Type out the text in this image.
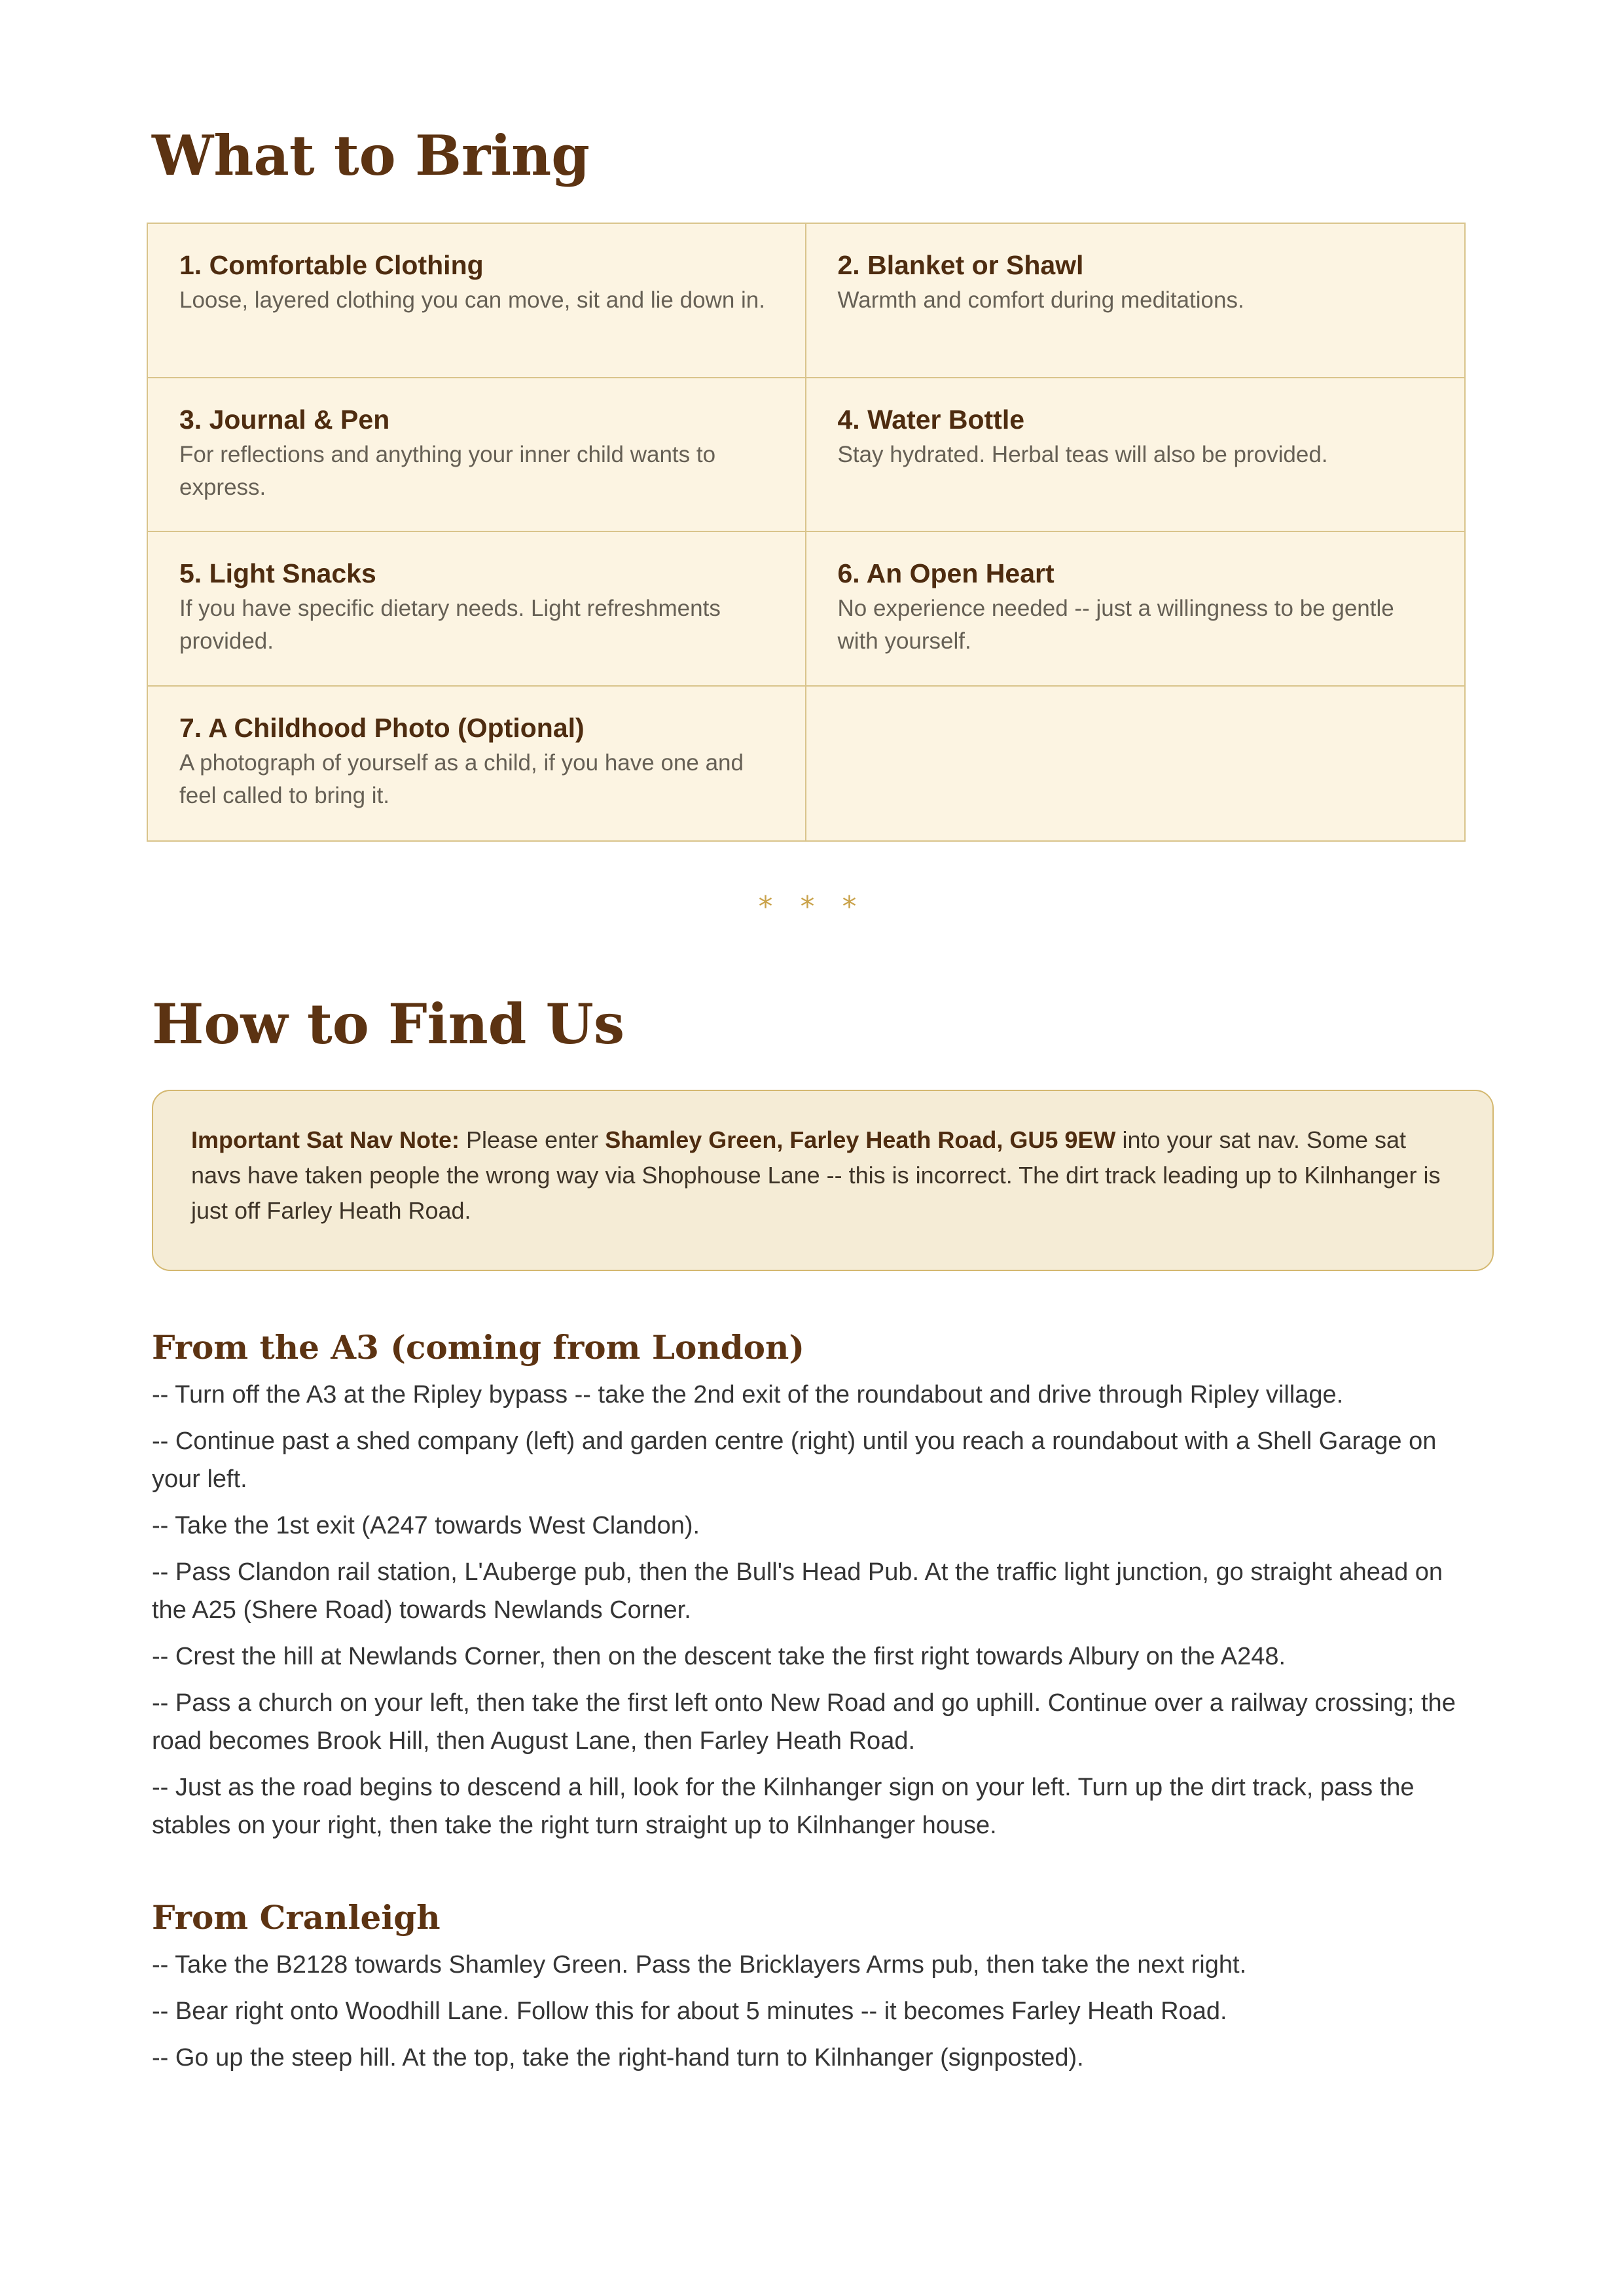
What to Bring
1. Comfortable Clothing
Loose, layered clothing you can move, sit and lie down in.
2. Blanket or Shawl
Warmth and comfort during meditations.
3. Journal & Pen
For reflections and anything your inner child wants to express.
4. Water Bottle
Stay hydrated. Herbal teas will also be provided.
5. Light Snacks
If you have specific dietary needs. Light refreshments provided.
6. An Open Heart
No experience needed -- just a willingness to be gentle with yourself.
7. A Childhood Photo (Optional)
A photograph of yourself as a child, if you have one and feel called to bring it.
* * *
How to Find Us
Important Sat Nav Note: Please enter Shamley Green, Farley Heath Road, GU5 9EW into your sat nav. Some sat navs have taken people the wrong way via Shophouse Lane -- this is incorrect. The dirt track leading up to Kilnhanger is just off Farley Heath Road.
From the A3 (coming from London)
-- Turn off the A3 at the Ripley bypass -- take the 2nd exit of the roundabout and drive through Ripley village.
-- Continue past a shed company (left) and garden centre (right) until you reach a roundabout with a Shell Garage on your left.
-- Take the 1st exit (A247 towards West Clandon).
-- Pass Clandon rail station, L'Auberge pub, then the Bull's Head Pub. At the traffic light junction, go straight ahead on the A25 (Shere Road) towards Newlands Corner.
-- Crest the hill at Newlands Corner, then on the descent take the first right towards Albury on the A248.
-- Pass a church on your left, then take the first left onto New Road and go uphill. Continue over a railway crossing; the road becomes Brook Hill, then August Lane, then Farley Heath Road.
-- Just as the road begins to descend a hill, look for the Kilnhanger sign on your left. Turn up the dirt track, pass the stables on your right, then take the right turn straight up to Kilnhanger house.
From Cranleigh
-- Take the B2128 towards Shamley Green. Pass the Bricklayers Arms pub, then take the next right.
-- Bear right onto Woodhill Lane. Follow this for about 5 minutes -- it becomes Farley Heath Road.
-- Go up the steep hill. At the top, take the right-hand turn to Kilnhanger (signposted).
